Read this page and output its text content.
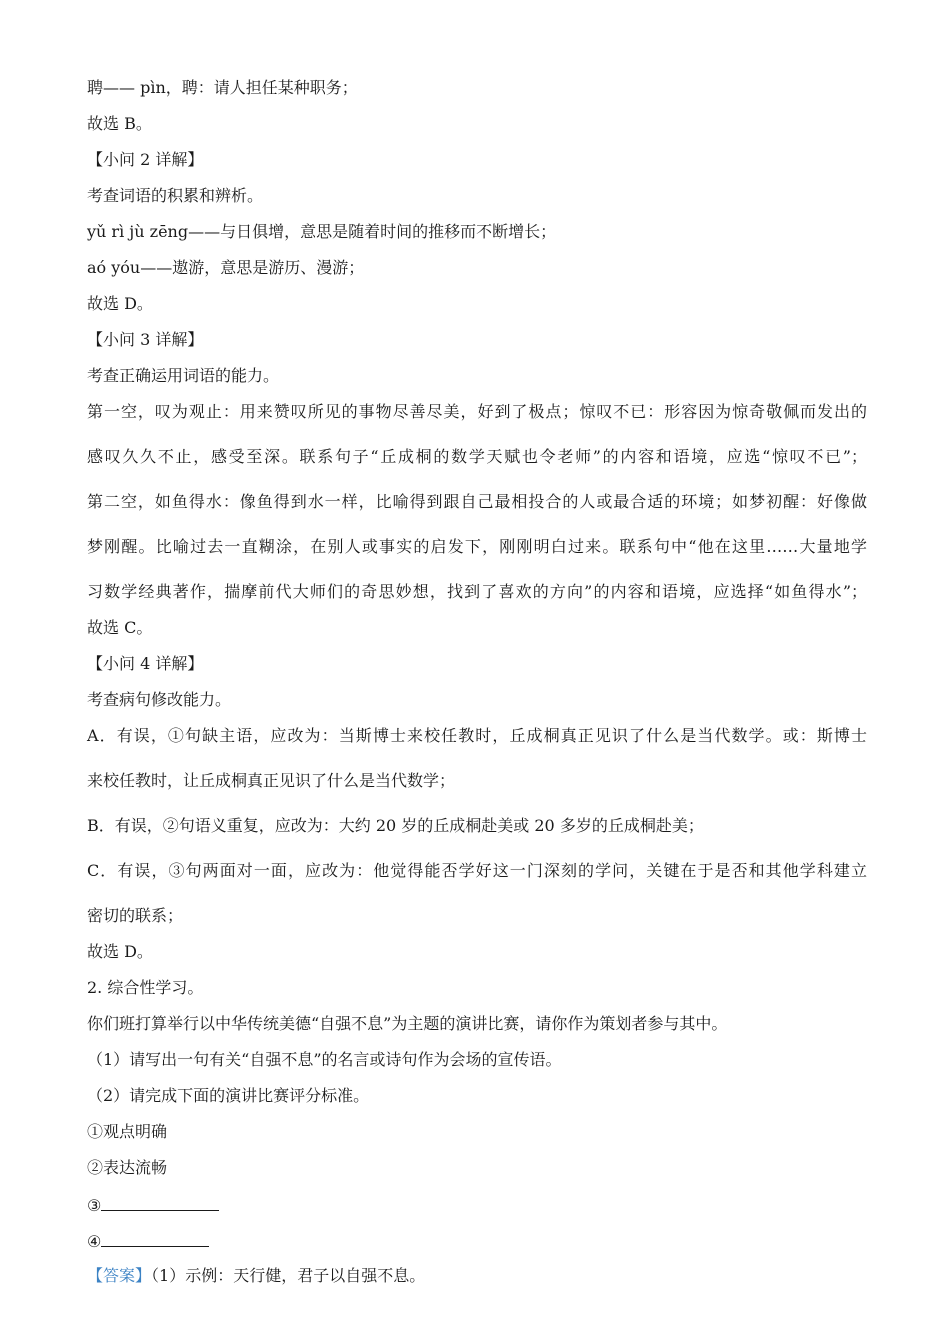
聘—— pìn，聘：请人担任某种职务；
故选 B。
【小问 2 详解】
考查词语的积累和辨析。
yǔ rì jù zēng——与日俱增，意思是随着时间的推移而不断增长；
aó yóu——遨游，意思是游历、漫游；
故选 D。
【小问 3 详解】
考查正确运用词语的能力。
第一空，叹为观止：用来赞叹所见的事物尽善尽美，好到了极点；惊叹不已：形容因为惊奇敬佩而发出的
感叹久久不止，感受至深。联系句子“丘成桐的数学天赋也令老师”的内容和语境，应选“惊叹不已”；
第二空，如鱼得水：像鱼得到水一样，比喻得到跟自己最相投合的人或最合适的环境；如梦初醒：好像做
梦刚醒。比喻过去一直糊涂，在别人或事实的启发下，刚刚明白过来。联系句中“他在这里……大量地学
习数学经典著作，揣摩前代大师们的奇思妙想，找到了喜欢的方向”的内容和语境，应选择“如鱼得水”；
故选 C。
【小问 4 详解】
考查病句修改能力。
A．有误，①句缺主语，应改为：当斯博士来校任教时，丘成桐真正见识了什么是当代数学。或：斯博士
来校任教时，让丘成桐真正见识了什么是当代数学；
B．有误，②句语义重复，应改为：大约 20 岁的丘成桐赴美或 20 多岁的丘成桐赴美；
C．有误，③句两面对一面，应改为：他觉得能否学好这一门深刻的学问，关键在于是否和其他学科建立
密切的联系；
故选 D。
2. 综合性学习。
你们班打算举行以中华传统美德“自强不息”为主题的演讲比赛，请你作为策划者参与其中。
（1）请写出一句有关“自强不息”的名言或诗句作为会场的宣传语。
（2）请完成下面的演讲比赛评分标准。
①观点明确
②表达流畅
③
④
【答案】（1）示例：天行健，君子以自强不息。
